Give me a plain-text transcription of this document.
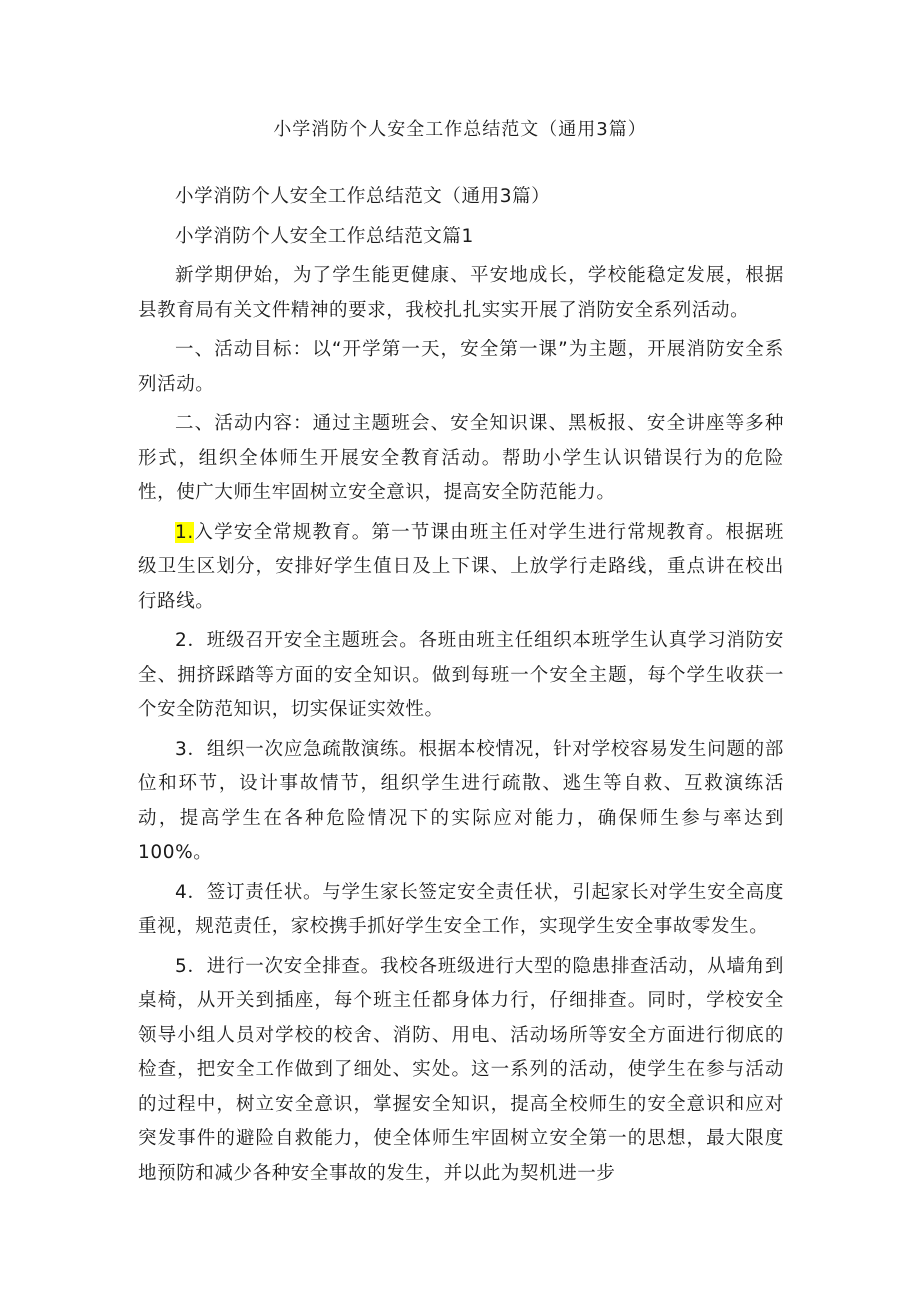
小学消防个人安全工作总结范文（通用3篇）

小学消防个人安全工作总结范文（通用3篇）

小学消防个人安全工作总结范文篇1

新学期伊始，为了学生能更健康、平安地成长，学校能稳定发展，根据县教育局有关文件精神的要求，我校扎扎实实开展了消防安全系列活动。

一、活动目标：以“开学第一天，安全第一课”为主题，开展消防安全系列活动。

二、活动内容：通过主题班会、安全知识课、黑板报、安全讲座等多种形式，组织全体师生开展安全教育活动。帮助小学生认识错误行为的危险性，使广大师生牢固树立安全意识，提高安全防范能力。

1.入学安全常规教育。第一节课由班主任对学生进行常规教育。根据班级卫生区划分，安排好学生值日及上下课、上放学行走路线，重点讲在校出行路线。

2．班级召开安全主题班会。各班由班主任组织本班学生认真学习消防安全、拥挤踩踏等方面的安全知识。做到每班一个安全主题，每个学生收获一个安全防范知识，切实保证实效性。

3．组织一次应急疏散演练。根据本校情况，针对学校容易发生问题的部位和环节，设计事故情节，组织学生进行疏散、逃生等自救、互救演练活动，提高学生在各种危险情况下的实际应对能力，确保师生参与率达到100%。

4．签订责任状。与学生家长签定安全责任状，引起家长对学生安全高度重视，规范责任，家校携手抓好学生安全工作，实现学生安全事故零发生。

5．进行一次安全排查。我校各班级进行大型的隐患排查活动，从墙角到桌椅，从开关到插座，每个班主任都身体力行，仔细排查。同时，学校安全领导小组人员对学校的校舍、消防、用电、活动场所等安全方面进行彻底的检查，把安全工作做到了细处、实处。这一系列的活动，使学生在参与活动的过程中，树立安全意识，掌握安全知识，提高全校师生的安全意识和应对突发事件的避险自救能力，使全体师生牢固树立安全第一的思想，最大限度地预防和减少各种安全事故的发生，并以此为契机进一步
